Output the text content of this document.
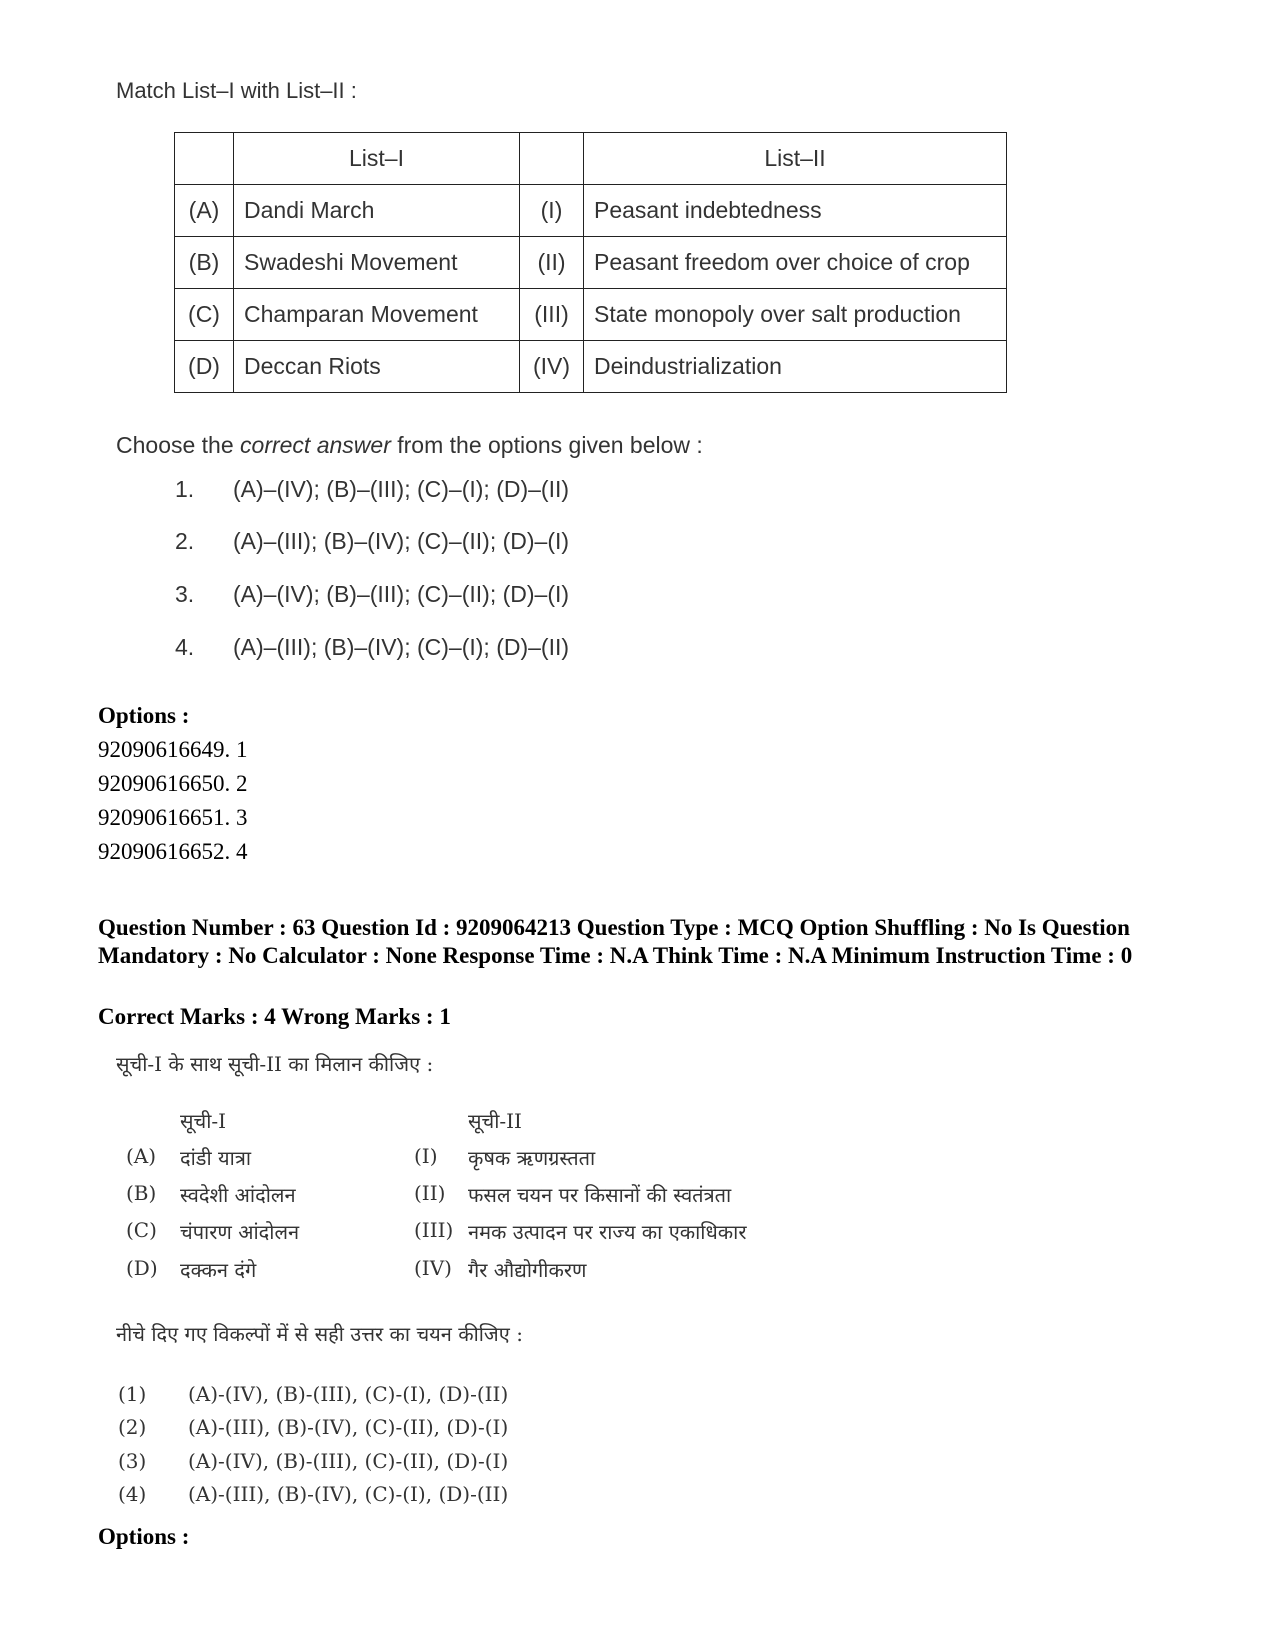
Match List–I with List–II :
	List–I		List–II
(A)	Dandi March	(I)	Peasant indebtedness
(B)	Swadeshi Movement	(II)	Peasant freedom over choice of crop
(C)	Champaran Movement	(III)	State monopoly over salt production
(D)	Deccan Riots	(IV)	Deindustrialization
Choose the correct answer from the options given below :
1. (A)–(IV); (B)–(III); (C)–(I); (D)–(II)
2. (A)–(III); (B)–(IV); (C)–(II); (D)–(I)
3. (A)–(IV); (B)–(III); (C)–(II); (D)–(I)
4. (A)–(III); (B)–(IV); (C)–(I); (D)–(II)
Options :
92090616649. 1
92090616650. 2
92090616651. 3
92090616652. 4
Question Number : 63 Question Id : 9209064213 Question Type : MCQ Option Shuffling : No Is Question Mandatory : No Calculator : None Response Time : N.A Think Time : N.A Minimum Instruction Time : 0
Correct Marks : 4 Wrong Marks : 1
सूची-I के साथ सूची-II का मिलान कीजिए :
सूची-I	सूची-II
(A) दांडी यात्रा	(I) कृषक ऋणग्रस्तता
(B) स्वदेशी आंदोलन	(II) फसल चयन पर किसानों की स्वतंत्रता
(C) चंपारण आंदोलन	(III) नमक उत्पादन पर राज्य का एकाधिकार
(D) दक्कन दंगे	(IV) गैर औद्योगीकरण
नीचे दिए गए विकल्पों में से सही उत्तर का चयन कीजिए :
(1) (A)-(IV), (B)-(III), (C)-(I), (D)-(II)
(2) (A)-(III), (B)-(IV), (C)-(II), (D)-(I)
(3) (A)-(IV), (B)-(III), (C)-(II), (D)-(I)
(4) (A)-(III), (B)-(IV), (C)-(I), (D)-(II)
Options :
